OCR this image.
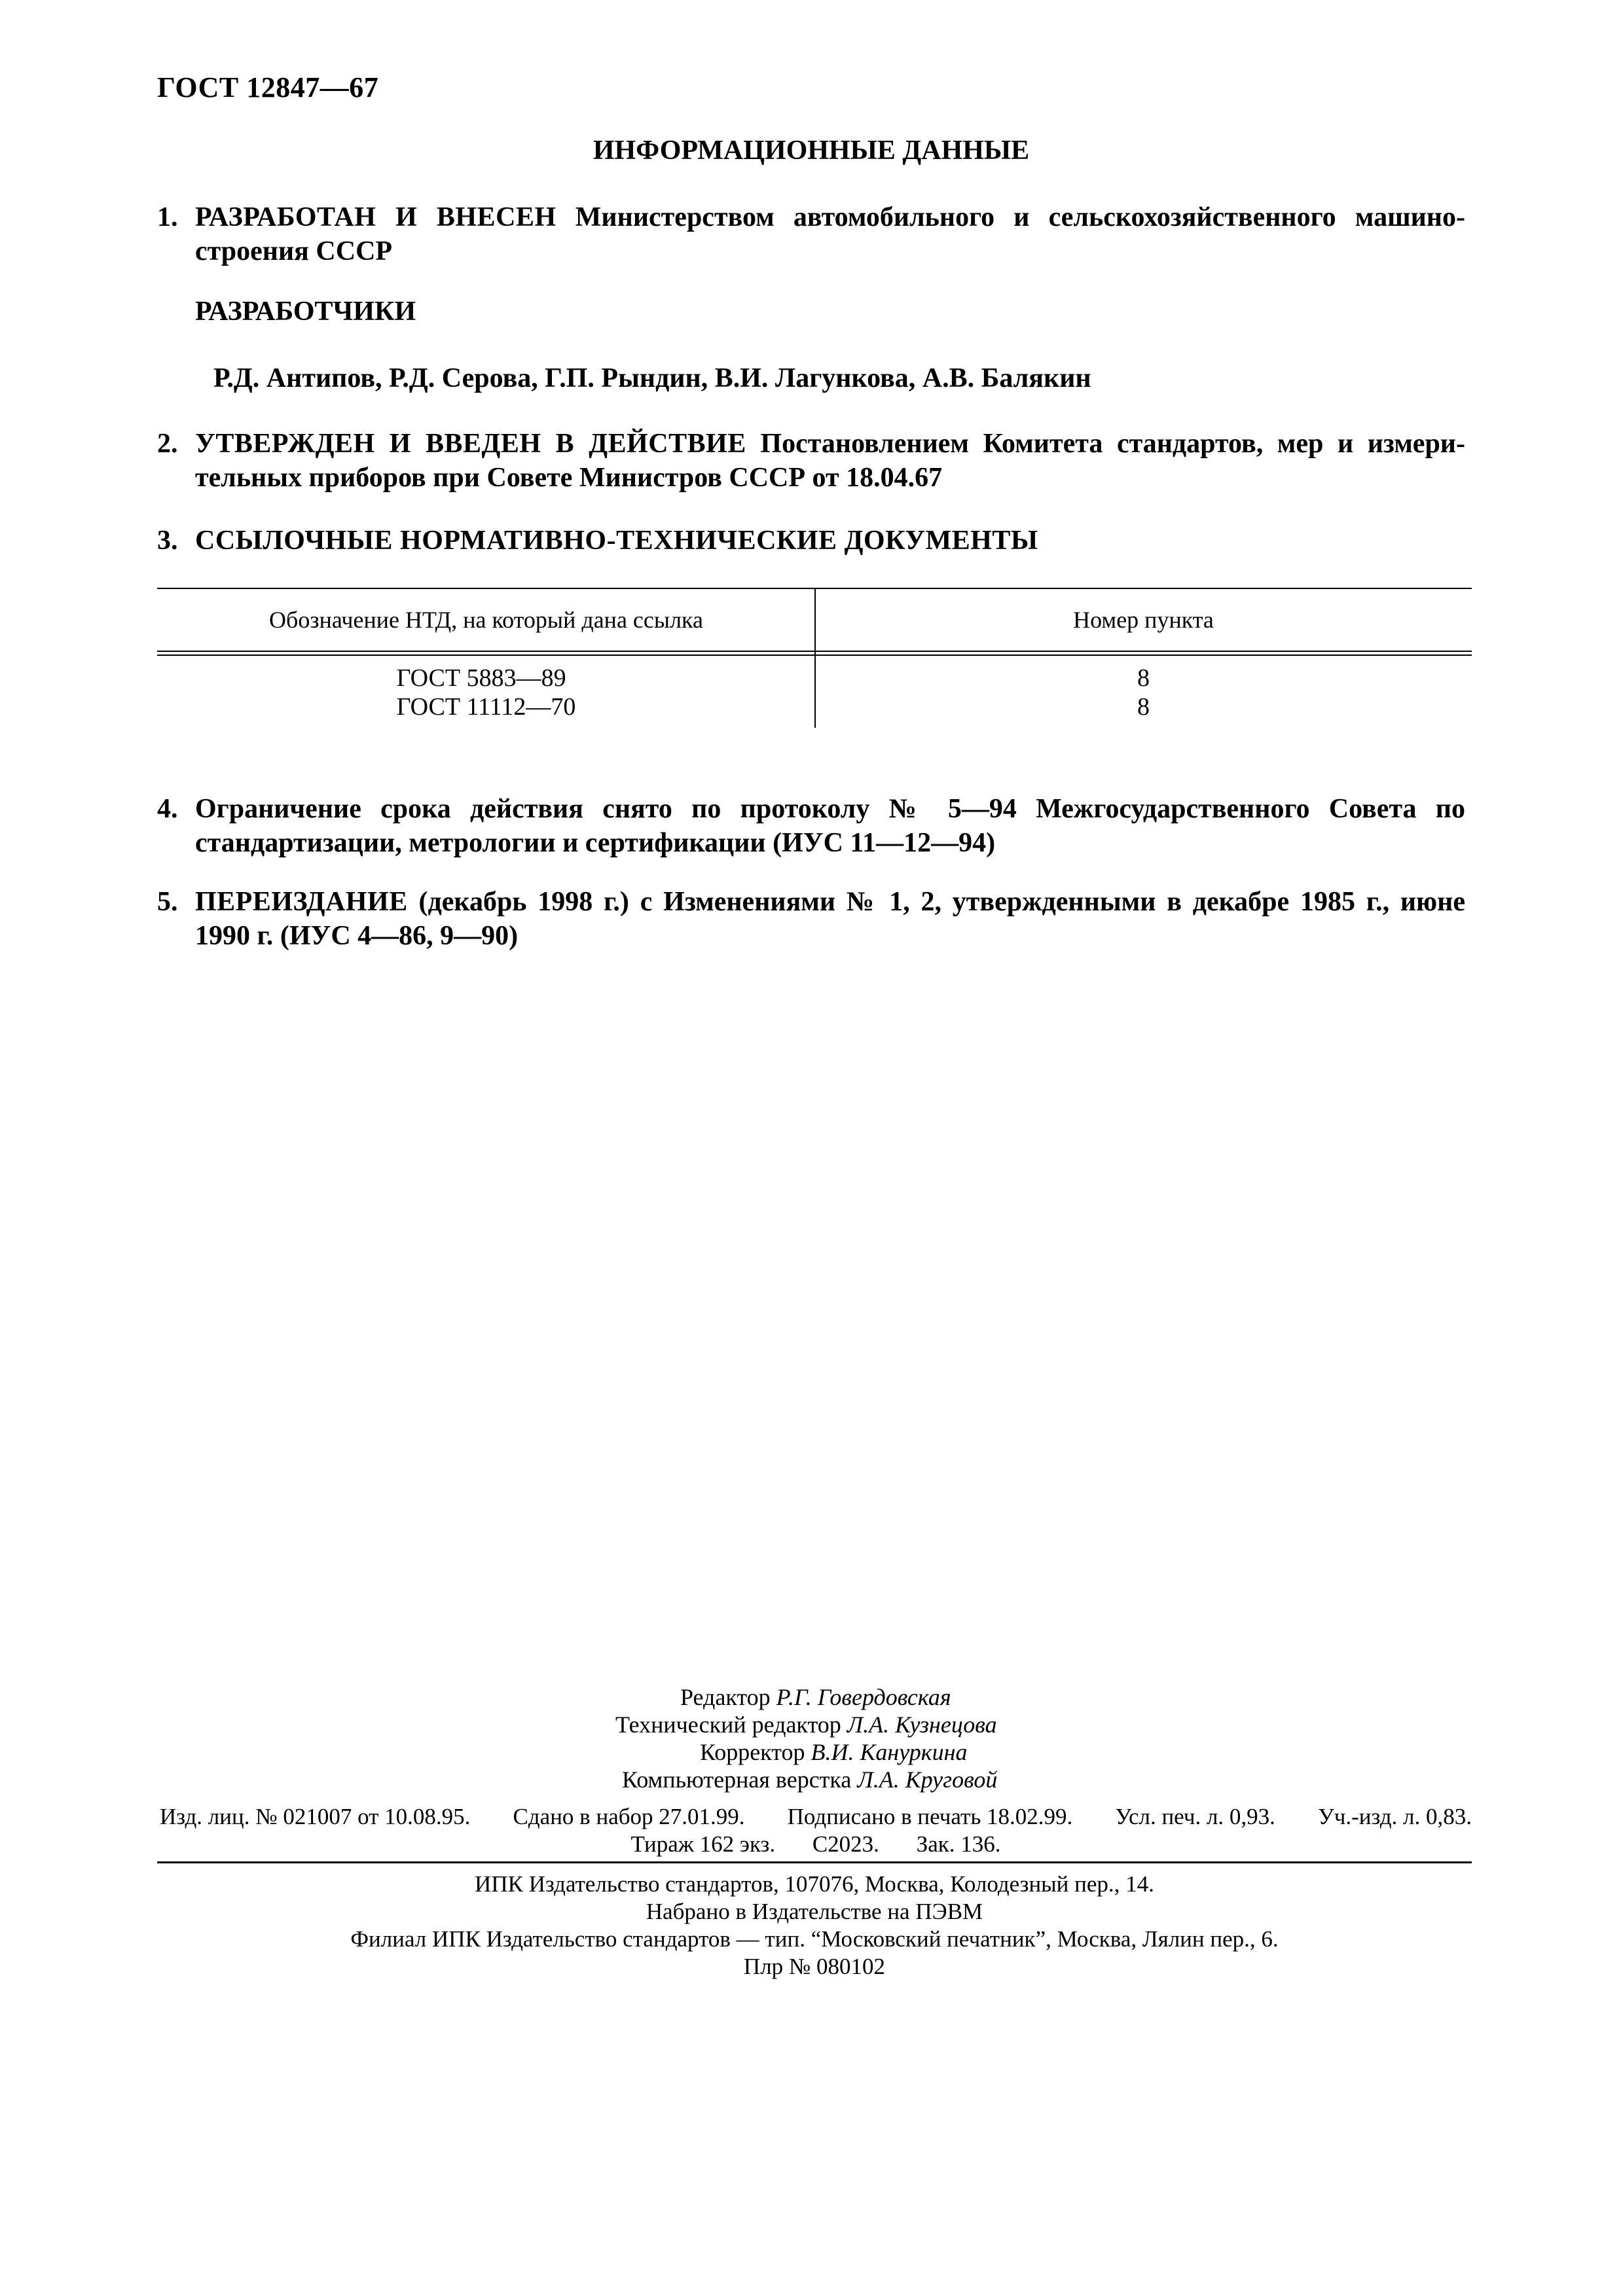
ГОСТ 12847—67
ИНФОРМАЦИОННЫЕ ДАННЫЕ
1. РАЗРАБОТАН И ВНЕСЕН Министерством автомобильного и сельскохозяйственного машино-строения СССР
РАЗРАБОТЧИКИ
Р.Д. Антипов, Р.Д. Серова, Г.П. Рындин, В.И. Лагункова, А.В. Балякин
2. УТВЕРЖДЕН И ВВЕДЕН В ДЕЙСТВИЕ Постановлением Комитета стандартов, мер и измери-тельных приборов при Совете Министров СССР от 18.04.67
3. ССЫЛОЧНЫЕ НОРМАТИВНО-ТЕХНИЧЕСКИЕ ДОКУМЕНТЫ
Обозначение НТД, на который дана ссылка	Номер пункта
ГОСТ 5883—89
ГОСТ 11112—70
8
8
4. Ограничение срока действия снято по протоколу № 5—94 Межгосударственного Совета по стандартизации, метрологии и сертификации (ИУС 11—12—94)
5. ПЕРЕИЗДАНИЕ (декабрь 1998 г.) с Изменениями № 1, 2, утвержденными в декабре 1985 г., июне 1990 г. (ИУС 4—86, 9—90)
Редактор Р.Г. Говердовская
Технический редактор Л.А. Кузнецова
Корректор В.И. Кануркина
Компьютерная верстка Л.А. Круговой
Изд. лиц. № 021007 от 10.08.95. Сдано в набор 27.01.99. Подписано в печать 18.02.99. Усл. печ. л. 0,93. Уч.-изд. л. 0,83.
Тираж 162 экз. С2023. Зак. 136.
ИПК Издательство стандартов, 107076, Москва, Колодезный пер., 14.
Набрано в Издательстве на ПЭВМ
Филиал ИПК Издательство стандартов — тип. “Московский печатник”, Москва, Лялин пер., 6.
Плр № 080102
